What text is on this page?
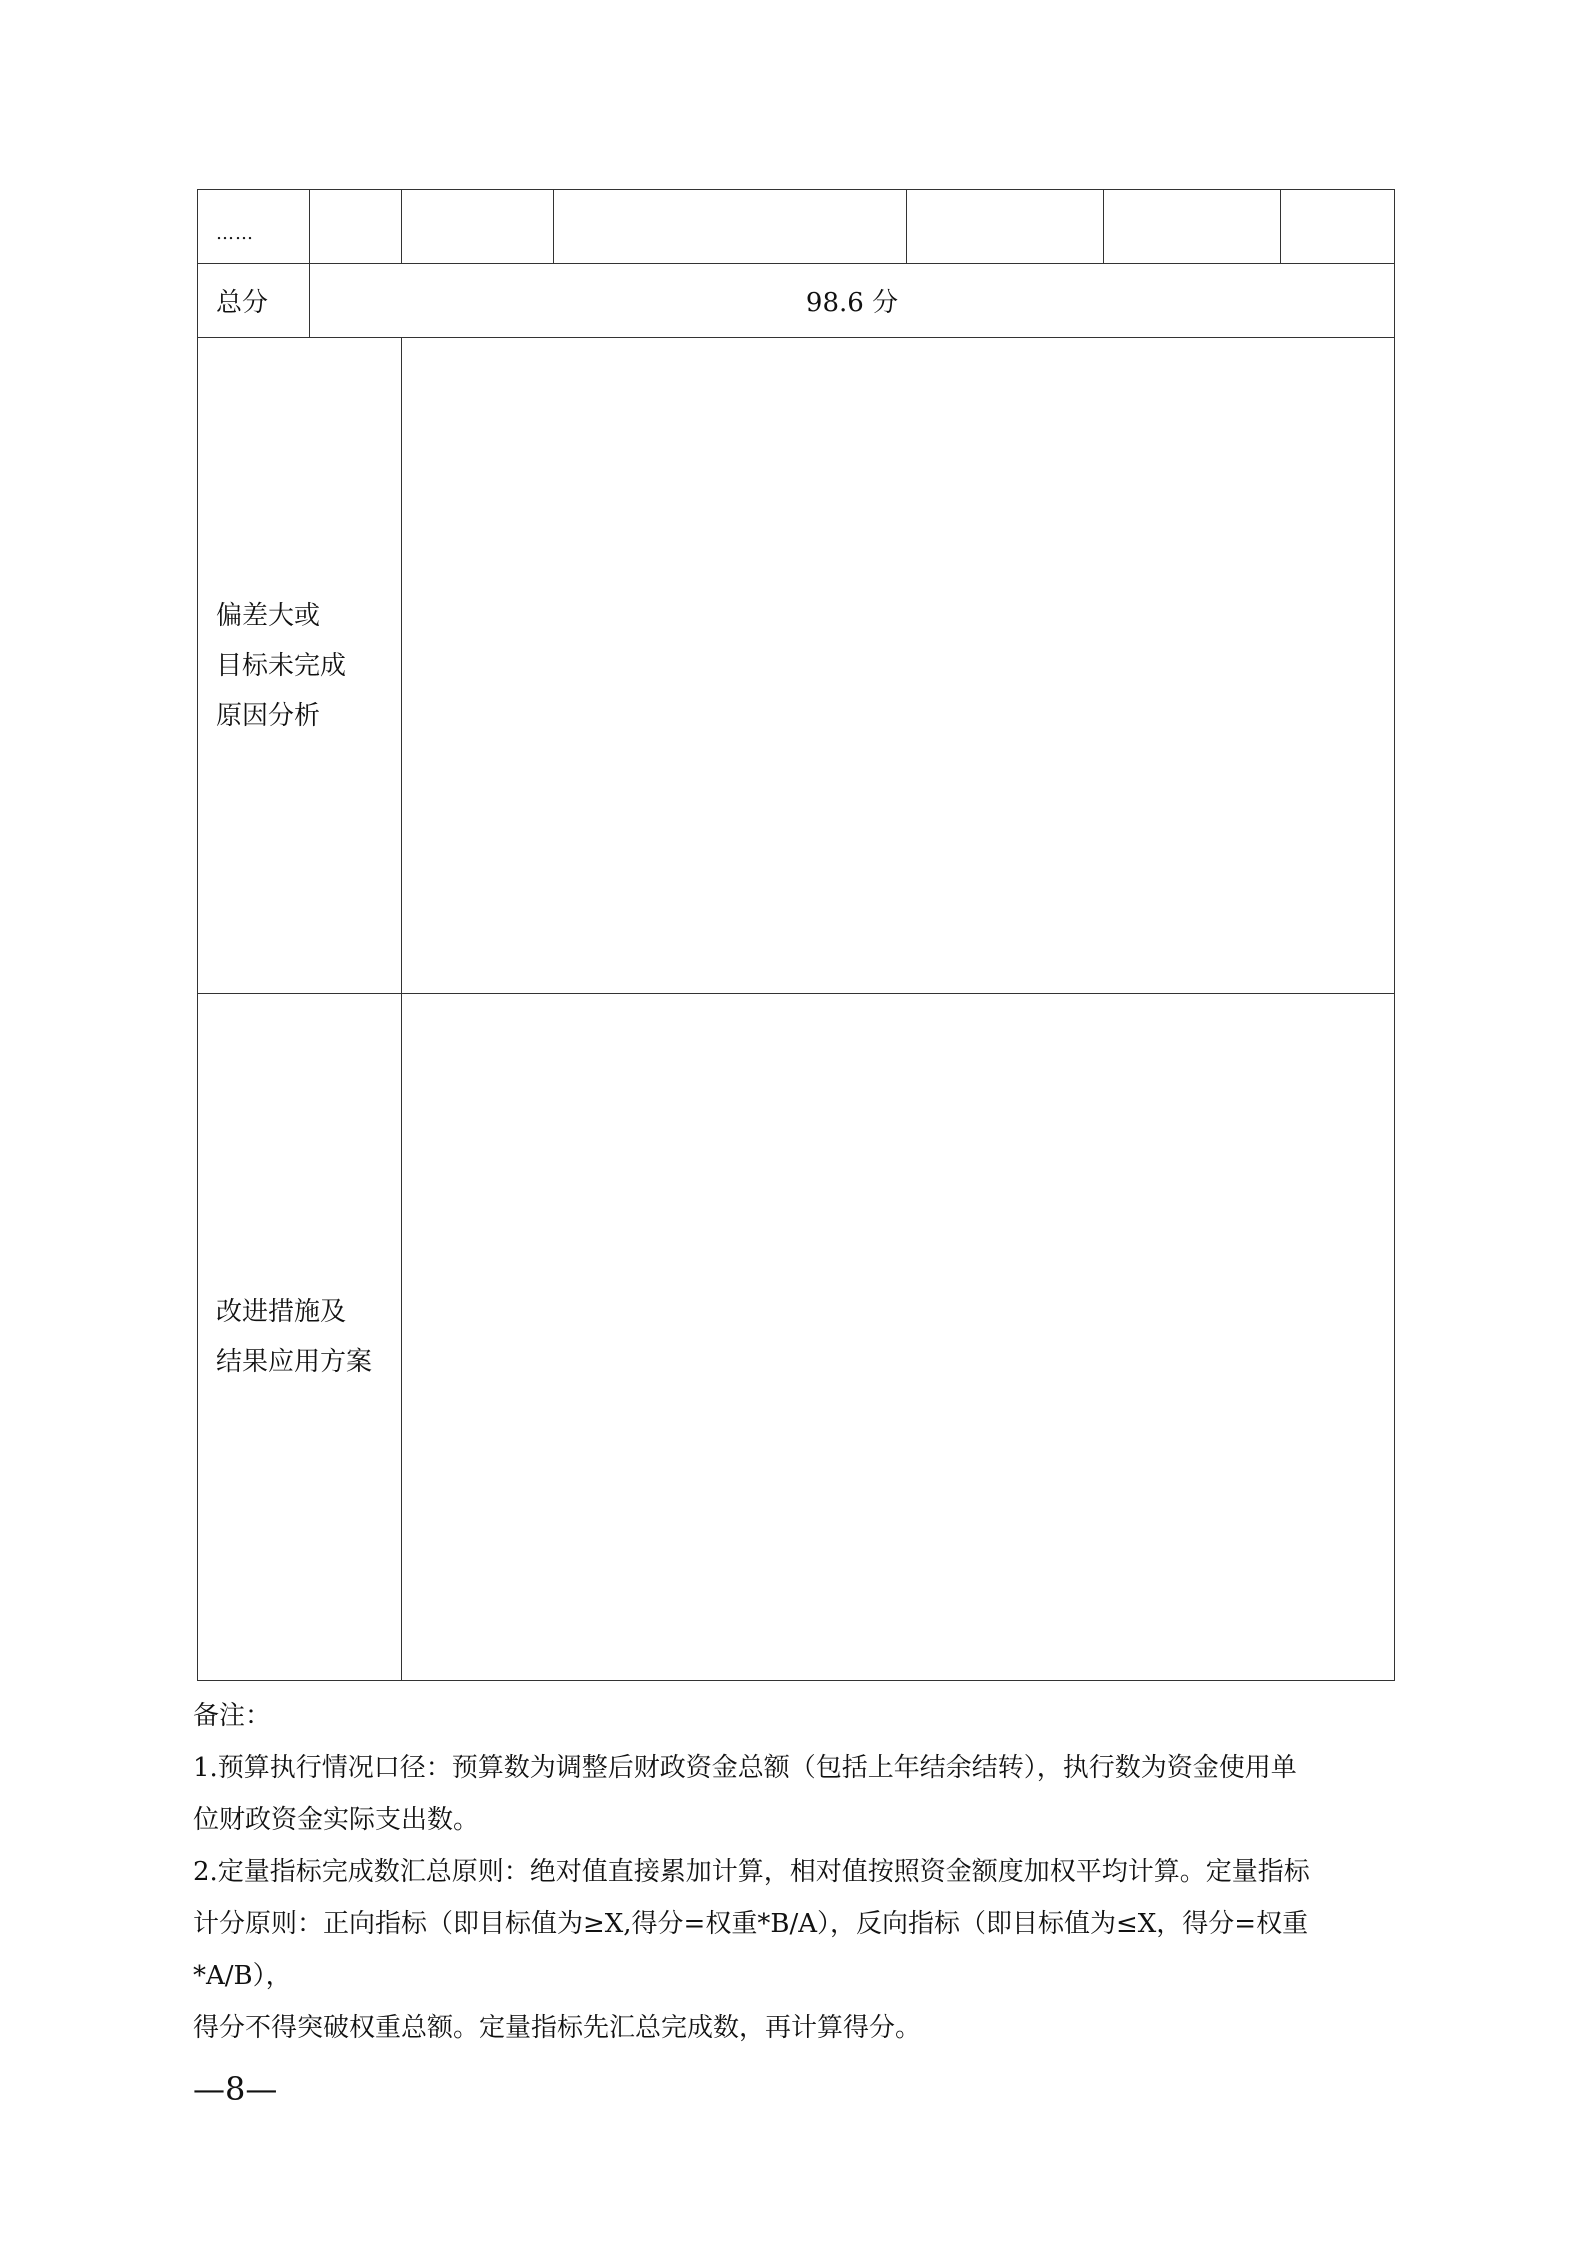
……						
总分	98.6 分					

偏差大或
目标未完成
原因分析						

改进措施及
结果应用方案						

备注：

1.预算执行情况口径：预算数为调整后财政资金总额（包括上年结余结转），执行数为资金使用单

位财政资金实际支出数。

2.定量指标完成数汇总原则：绝对值直接累加计算，相对值按照资金额度加权平均计算。定量指标

计分原则：正向指标（即目标值为≥X,得分=权重*B/A），反向指标（即目标值为≤X，得分=权重*A/B），

得分不得突破权重总额。定量指标先汇总完成数，再计算得分。

—8—
